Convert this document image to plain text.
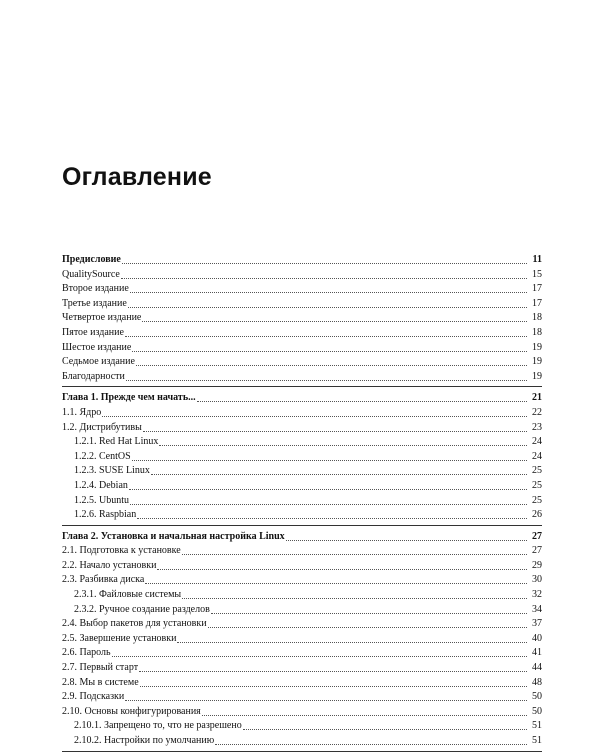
Оглавление
Предисловие	11
QualitySource	15
Второе издание	17
Третье издание	17
Четвертое издание	18
Пятое издание	18
Шестое издание	19
Седьмое издание	19
Благодарности	19
Глава 1. Прежде чем начать...	21
1.1. Ядро	22
1.2. Дистрибутивы	23
1.2.1. Red Hat Linux	24
1.2.2. CentOS	24
1.2.3. SUSE Linux	25
1.2.4. Debian	25
1.2.5. Ubuntu	25
1.2.6. Raspbian	26
Глава 2. Установка и начальная настройка Linux	27
2.1. Подготовка к установке	27
2.2. Начало установки	29
2.3. Разбивка диска	30
2.3.1. Файловые системы	32
2.3.2. Ручное создание разделов	34
2.4. Выбор пакетов для установки	37
2.5. Завершение установки	40
2.6. Пароль	41
2.7. Первый старт	44
2.8. Мы в системе	48
2.9. Подсказки	50
2.10. Основы конфигурирования	50
2.10.1. Запрещено то, что не разрешено	51
2.10.2. Настройки по умолчанию	51
